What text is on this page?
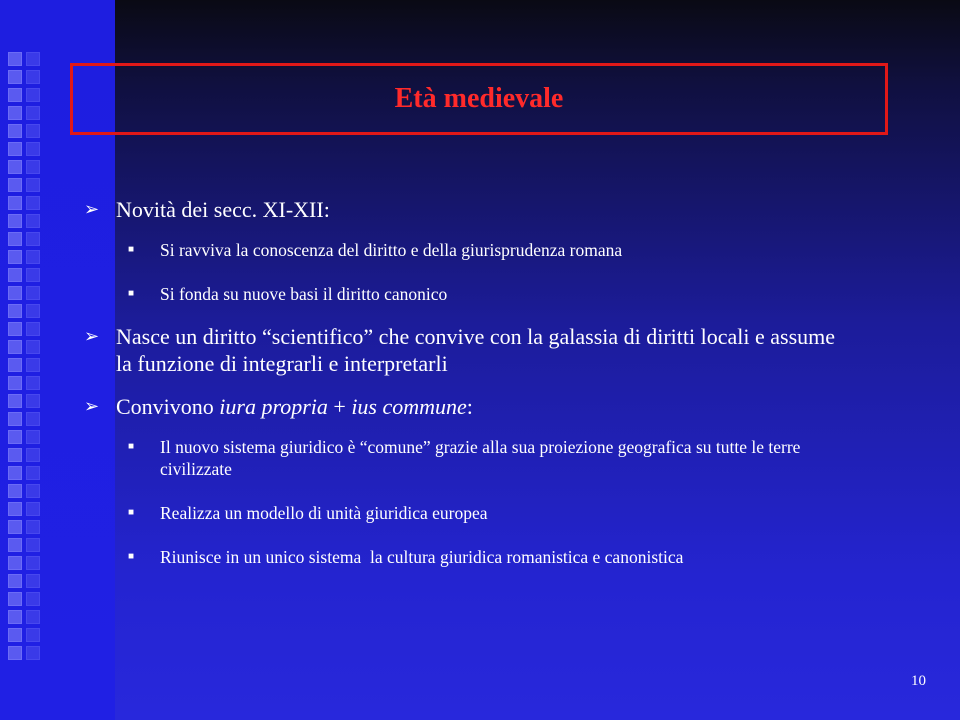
Età medievale
➢ Novità dei secc. XI-XII:
■	Si ravviva la conoscenza del diritto e della giurisprudenza romana
■	Si fonda su nuove basi il diritto canonico
➢ Nasce un diritto “scientifico” che convive con la galassia di diritti locali e assume la funzione di integrarli e interpretarli
➢ Convivono iura propria + ius commune:
■	Il nuovo sistema giuridico è “comune” grazie alla sua proiezione geografica su tutte le terre civilizzate
■	Realizza un modello di unità giuridica europea
■	Riunisce in un unico sistema  la cultura giuridica romanistica e canonistica
10
